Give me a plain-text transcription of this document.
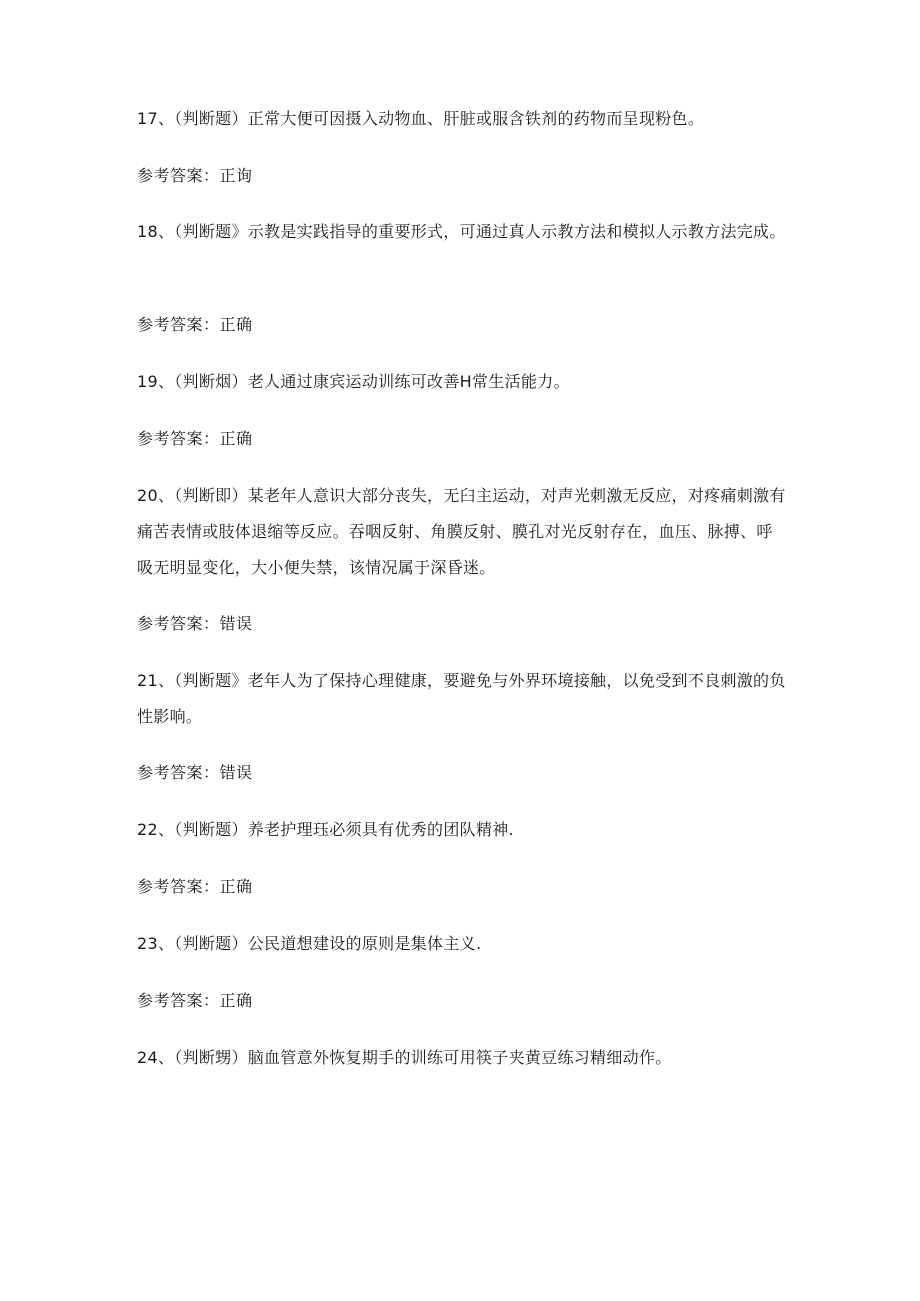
17、（判断题）正常大便可因摄入动物血、肝脏或服含铁剂的药物而呈现粉色。
参考答案：正询
18、（判断题》示教是实践指导的重要形式，可通过真人示教方法和模拟人示教方法完成。
参考答案：正确
19、（判断烟）老人通过康宾运动训练可改善H常生活能力。
参考答案：正确
20、（判断即）某老年人意识大部分丧失，无臼主运动，对声光刺激无反应，对疼痛刺激有痛苦表情或肢体退缩等反应。吞咽反射、角膜反射、膜孔对光反射存在，血压、脉搏、呼吸无明显变化，大小便失禁，该情况属于深昏迷。
参考答案：错误
21、（判断题》老年人为了保持心理健康，要避免与外界环境接触，以免受到不良刺激的负性影响。
参考答案：错误
22、（判断题）养老护理珏必须具有优秀的团队精神.
参考答案：正确
23、（判断题）公民道想建设的原则是集体主义.
参考答案：正确
24、（判断甥）脑血管意外恢复期手的训练可用筷子夹黄豆练习精细动作。
